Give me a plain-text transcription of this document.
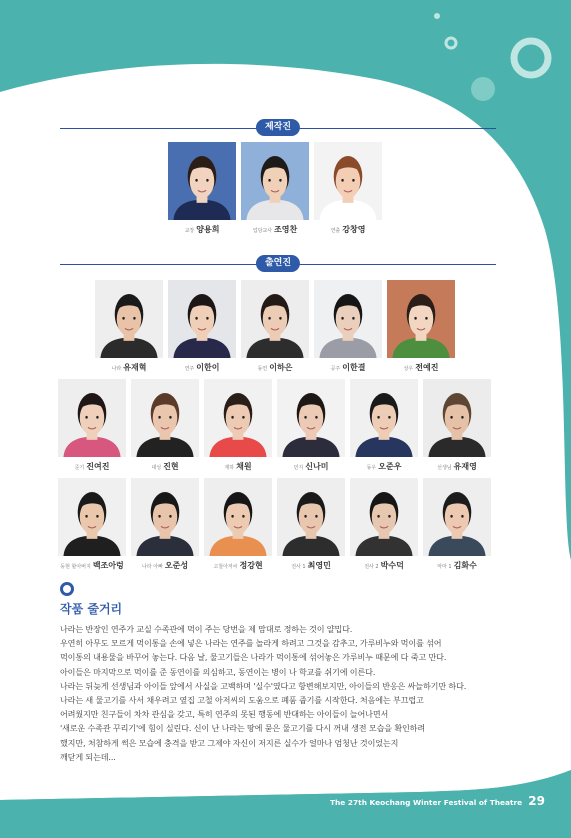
제작진
교장 양용희	업담교사 조영찬	연출 강창영
출연진
나라 유재혁	연주 이한이	동연 이하은	공주 이한결	상우 전예진
준기 진여진	대성 진현	재하 채원	민지 신나미	동우 오준우	선생님 유재영
동현 할아버지 백조아렁	나라 아빠 오준성	고철아저씨 정강현	전사 1 최영민	전사 2 박수덕	악마 1 김화수
작품 줄거리

나라는 반장인 연주가 교실 수족관에 먹이 주는 당번을 제 맘대로 정하는 것이 얄밉다.

우연히 아무도 모르게 먹이통을 손에 넣은 나라는 연주를 놀라게 하려고 그것을 감추고, 가루비누와 먹이를 섞어

먹이통의 내용물을 바꾸어 놓는다. 다음 날, 물고기들은 나라가 먹이통에 섞어놓은 가루비누 때문에 다 죽고 만다.

아이들은 마지막으로 먹이를 준 동연이를 의심하고, 동연이는 병이 나 학교를 쉬기에 이른다.

나라는 뒤늦게 선생님과 아이들 앞에서 사실을 고백하며 '실수'였다고 항변해보지만, 아이들의 반응은 싸늘하기만 하다.

나라는 새 물고기를 사서 채우려고 옆집 고철 아저씨의 도움으로 폐품 줍기를 시작한다. 처음에는 부끄럽고

어려웠지만 친구들이 차차 관심을 갖고, 특히 연주의 못된 행동에 반대하는 아이들이 늘어나면서

'새로운 수족관 꾸리기'에 힘이 실린다. 신이 난 나라는 땅에 묻은 물고기를 다시 꺼내 생전 모습을 확인하려

했지만, 처참하게 썩은 모습에 충격을 받고 그제야 자신이 저지른 실수가 얼마나 엄청난 것이었는지

깨닫게 되는데...

The 27th Keochang Winter Festival of Theatre 29
